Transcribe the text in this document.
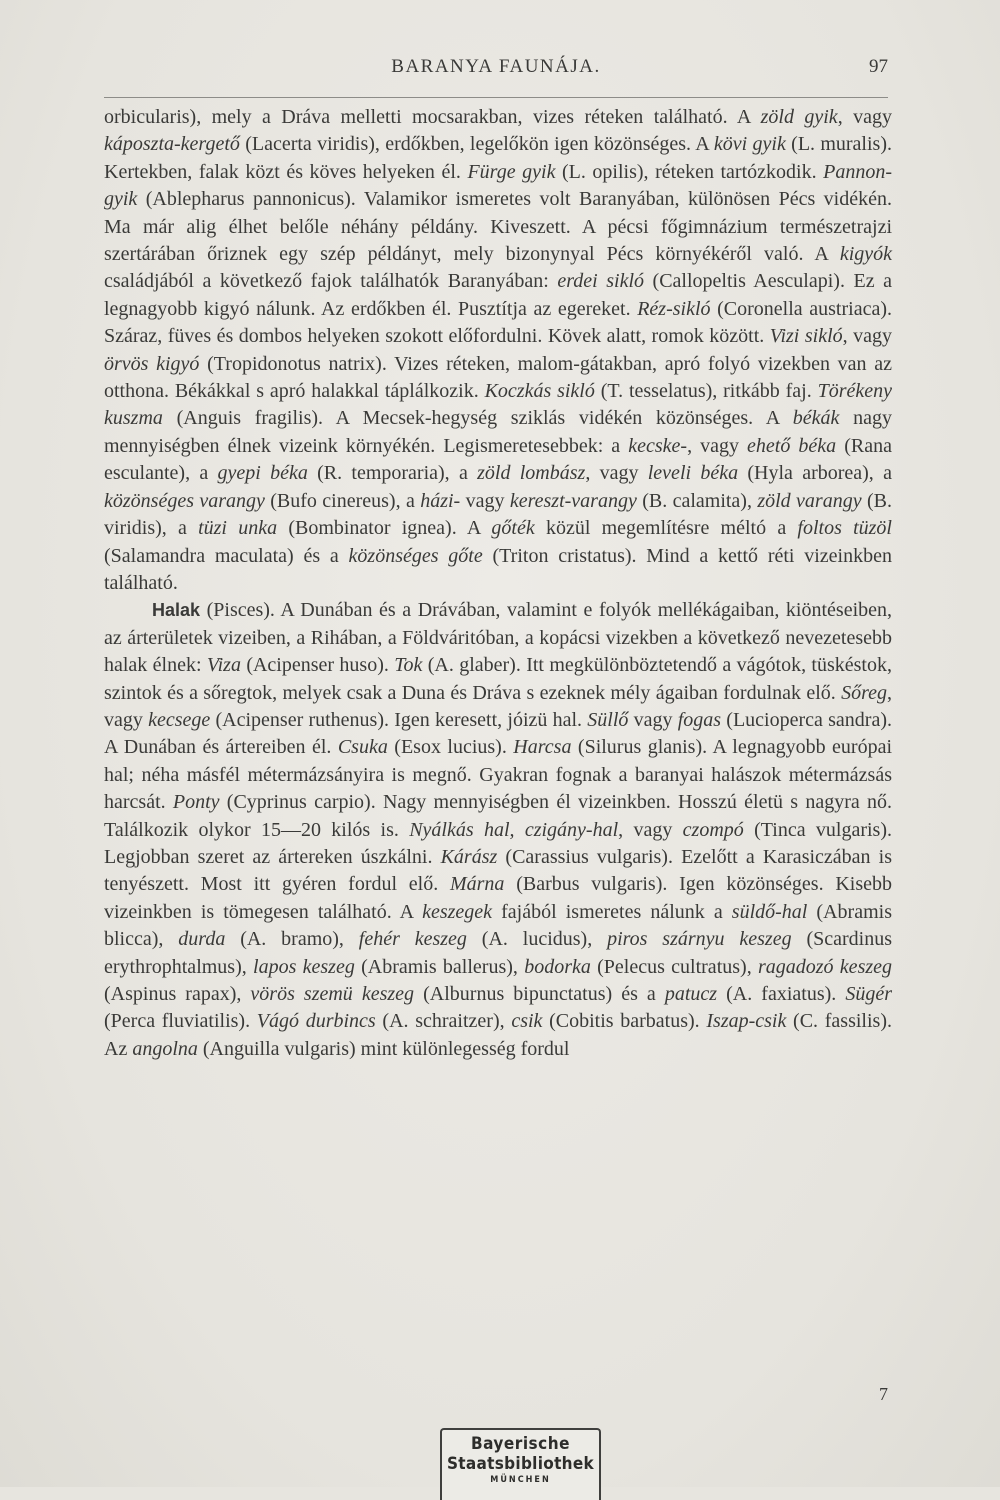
BARANYA FAUNÁJA.	97

orbicularis), mely a Dráva melletti mocsarakban, vizes réteken található. A zöld gyik, vagy káposzta-kergető (Lacerta viridis), erdőkben, legelőkön igen közönséges. A kövi gyik (L. muralis). Kertekben, falak közt és köves helyeken él. Fürge gyik (L. opilis), réteken tartózkodik. Pannon-gyik (Ablepharus pannonicus). Valamikor ismeretes volt Baranyában, különösen Pécs vidékén. Ma már alig élhet belőle néhány példány. Kiveszett. A pécsi főgimnázium természetrajzi szertárában őriznek egy szép példányt, mely bizonynyal Pécs környékéről való. A kigyók családjából a következő fajok találhatók Baranyában: erdei sikló (Callopeltis Aesculapi). Ez a legnagyobb kigyó nálunk. Az erdőkben él. Pusztítja az egereket. Réz-sikló (Coronella austriaca). Száraz, füves és dombos helyeken szokott előfordulni. Kövek alatt, romok között. Vizi sikló, vagy örvös kigyó (Tropidonotus natrix). Vizes réteken, malom-gátakban, apró folyó vizekben van az otthona. Békákkal s apró halakkal táplálkozik. Koczkás sikló (T. tesselatus), ritkább faj. Törékeny kuszma (Anguis fragilis). A Mecsek-hegység sziklás vidékén közönséges. A békák nagy mennyiségben élnek vizeink környékén. Legismeretesebbek: a kecske-, vagy ehető béka (Rana esculante), a gyepi béka (R. temporaria), a zöld lombász, vagy leveli béka (Hyla arborea), a közönséges varangy (Bufo cinereus), a házi- vagy kereszt-varangy (B. calamita), zöld varangy (B. viridis), a tüzi unka (Bombinator ignea). A gőték közül megemlítésre méltó a foltos tüzöl (Salamandra maculata) és a közönséges gőte (Triton cristatus). Mind a kettő réti vizeinkben található.

Halak (Pisces). A Dunában és a Drávában, valamint e folyók mellékágaiban, kiöntéseiben, az árterületek vizeiben, a Rihában, a Földváritóban, a kopácsi vizekben a következő nevezetesebb halak élnek: Viza (Acipenser huso). Tok (A. glaber). Itt megkülönböztetendő a vágótok, tüskéstok, szintok és a sőregtok, melyek csak a Duna és Dráva s ezeknek mély ágaiban fordulnak elő. Sőreg, vagy kecsege (Acipenser ruthenus). Igen keresett, jóizü hal. Süllő vagy fogas (Lucioperca sandra). A Dunában és ártereiben él. Csuka (Esox lucius). Harcsa (Silurus glanis). A legnagyobb európai hal; néha másfél métermázsányira is megnő. Gyakran fognak a baranyai halászok métermázsás harcsát. Ponty (Cyprinus carpio). Nagy mennyiségben él vizeinkben. Hosszú életü s nagyra nő. Találkozik olykor 15—20 kilós is. Nyálkás hal, czigány-hal, vagy czompó (Tinca vulgaris). Legjobban szeret az ártereken úszkálni. Kárász (Carassius vulgaris). Ezelőtt a Karasiczában is tenyészett. Most itt gyéren fordul elő. Márna (Barbus vulgaris). Igen közönséges. Kisebb vizeinkben is tömegesen található. A keszegek fajából ismeretes nálunk a süldő-hal (Abramis blicca), durda (A. bramo), fehér keszeg (A. lucidus), piros szárnyu keszeg (Scardinus erythrophtalmus), lapos keszeg (Abramis ballerus), bodorka (Pelecus cultratus), ragadozó keszeg (Aspinus rapax), vörös szemü keszeg (Alburnus bipunctatus) és a patucz (A. faxiatus). Sügér (Perca fluviatilis). Vágó durbincs (A. schraitzer), csik (Cobitis barbatus). Iszap-csik (C. fassilis). Az angolna (Anguilla vulgaris) mint különlegesség fordul

7
Bayerische
Staatsbibliothek
MÜNCHEN
